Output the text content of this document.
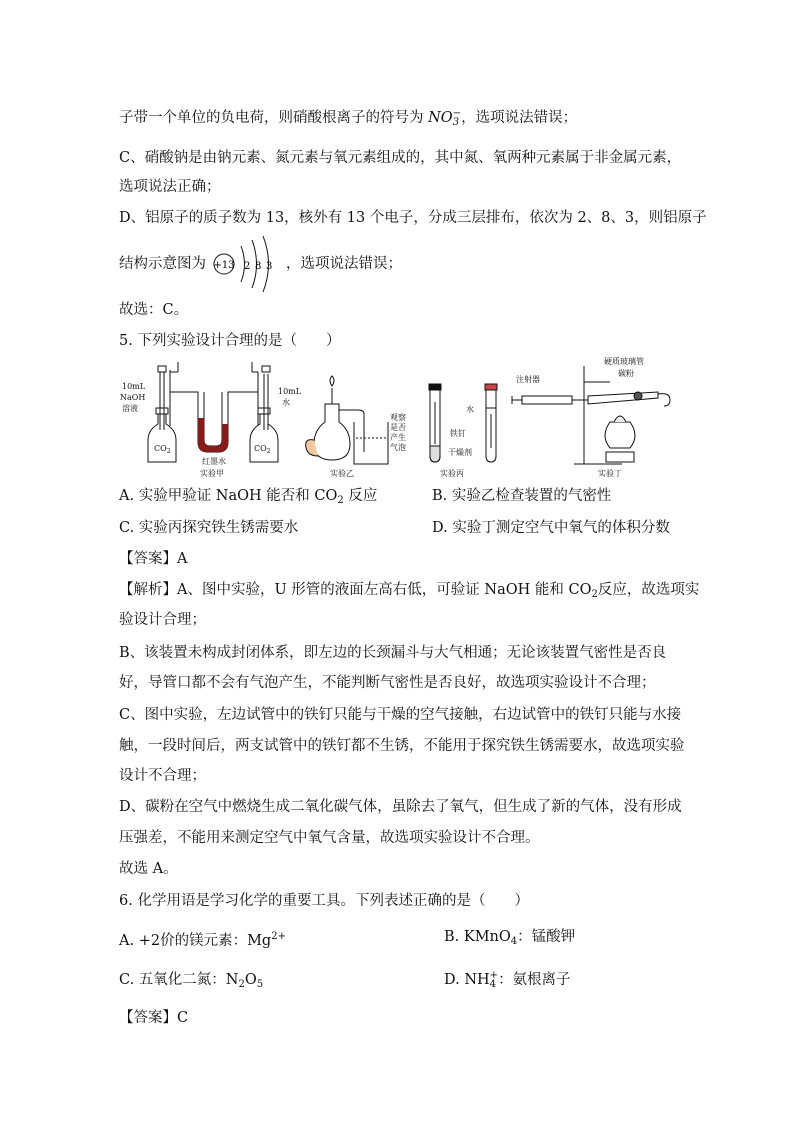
子带一个单位的负电荷，则硝酸根离子的符号为 NO −
3 ，选项说法错误；
C、硝酸钠是由钠元素、氮元素与氧元素组成的，其中氮、氧两种元素属于非金属元素，
选项说法正确；
D、铝原子的质子数为 13，核外有 13 个电子，分成三层排布，依次为 2、8、3，则铝原子
结构示意图为 +13 2 8 3 ，选项说法错误；
故选：C。
5. 下列实验设计合理的是（　　）
10mL
NaOH
溶液
10mL
水
$CO_2$	$CO_2$
红墨水
实验甲
观察
是否
产生
气泡
实验乙
水
铁钉
干燥剂
实验丙
注射器
硬质玻璃管
碳粉
实验丁
A. 实验甲验证 NaOH 能否和 $CO_2$ 反应	B. 实验乙检查装置的气密性
C. 实验丙探究铁生锈需要水	D. 实验丁测定空气中氧气的体积分数
【答案】A
【解析】A、图中实验，U 形管的液面左高右低，可验证 NaOH 能和 $CO_2$反应，故选项实
验设计合理；
B、该装置未构成封闭体系，即左边的长颈漏斗与大气相通；无论该装置气密性是否良
好，导管口都不会有气泡产生，不能判断气密性是否良好，故选项实验设计不合理；
C、图中实验，左边试管中的铁钉只能与干燥的空气接触，右边试管中的铁钉只能与水接
触，一段时间后，两支试管中的铁钉都不生锈，不能用于探究铁生锈需要水，故选项实验
设计不合理；
D、碳粉在空气中燃烧生成二氧化碳气体，虽除去了氧气，但生成了新的气体，没有形成
压强差，不能用来测定空气中氧气含量，故选项实验设计不合理。
故选 A。
6. 化学用语是学习化学的重要工具。下列表述正确的是（　　）
A. +2价的镁元素：$Mg^{2+}$	B. KMnO$_4$：锰酸钾
C. 五氧化二氮：$N_2O_5$	D. NH +
4 ：氨根离子
【答案】C
